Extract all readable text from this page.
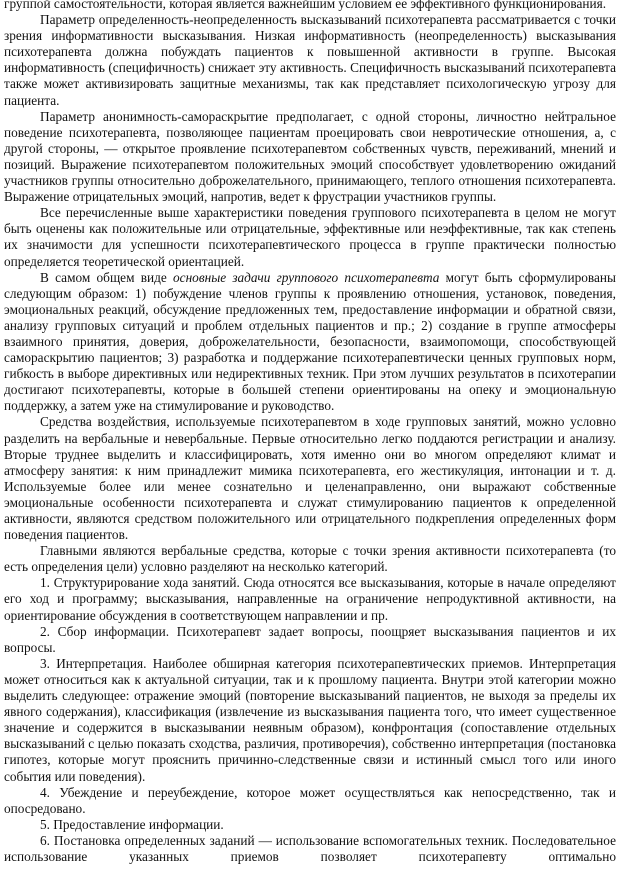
группой самостоятельности, которая является важнейшим условием ее эффективного функционирования.

Параметр определенность-неопределенность высказываний психотерапевта рассматривается с точки зрения информативности высказывания. Низкая информативность (неопределенность) высказывания психотерапевта должна побуждать пациентов к повышенной активности в группе. Высокая информативность (специфичность) снижает эту активность. Специфичность высказываний психотерапевта также может активизировать защитные механизмы, так как представляет психологическую угрозу для пациента.

Параметр анонимность-самораскрытие предполагает, с одной стороны, личностно нейтральное поведение психотерапевта, позволяющее пациентам проецировать свои невротические отношения, а, с другой стороны, — открытое проявление психотерапевтом собственных чувств, переживаний, мнений и позиций. Выражение психотерапевтом положительных эмоций способствует удовлетворению ожиданий участников группы относительно доброжелательного, принимающего, теплого отношения психотерапевта. Выражение отрицательных эмоций, напротив, ведет к фрустрации участников группы.

Все перечисленные выше характеристики поведения группового психотерапевта в целом не могут быть оценены как положительные или отрицательные, эффективные или неэффективные, так как степень их значимости для успешности психотерапевтического процесса в группе практически полностью определяется теоретической ориентацией.

В самом общем виде основные задачи группового психотерапевта могут быть сформулированы следующим образом: 1) побуждение членов группы к проявлению отношения, установок, поведения, эмоциональных реакций, обсуждение предложенных тем, предоставление информации и обратной связи, анализу групповых ситуаций и проблем отдельных пациентов и пр.; 2) создание в группе атмосферы взаимного принятия, доверия, доброжелательности, безопасности, взаимопомощи, способствующей самораскрытию пациентов; 3) разработка и поддержание психотерапевтически ценных групповых норм, гибкость в выборе директивных или недирективных техник. При этом лучших результатов в психотерапии достигают психотерапевты, которые в большей степени ориентированы на опеку и эмоциональную поддержку, а затем уже на стимулирование и руководство.

Средства воздействия, используемые психотерапевтом в ходе групповых занятий, можно условно разделить на вербальные и невербальные. Первые относительно легко поддаются регистрации и анализу. Вторые труднее выделить и классифицировать, хотя именно они во многом определяют климат и атмосферу занятия: к ним принадлежит мимика психотерапевта, его жестикуляция, интонации и т. д. Используемые более или менее сознательно и целенаправленно, они выражают собственные эмоциональные особенности психотерапевта и служат стимулированию пациентов к определенной активности, являются средством положительного или отрицательного подкрепления определенных форм поведения пациентов.

Главными являются вербальные средства, которые с точки зрения активности психотерапевта (то есть определения цели) условно разделяют на несколько категорий.

1. Структурирование хода занятий. Сюда относятся все высказывания, которые в начале определяют его ход и программу; высказывания, направленные на ограничение непродуктивной активности, на ориентирование обсуждения в соответствующем направлении и пр.

2. Сбор информации. Психотерапевт задает вопросы, поощряет высказывания пациентов и их вопросы.

3. Интерпретация. Наиболее обширная категория психотерапевтических приемов. Интерпретация может относиться как к актуальной ситуации, так и к прошлому пациента. Внутри этой категории можно выделить следующее: отражение эмоций (повторение высказываний пациентов, не выходя за пределы их явного содержания), классификация (извлечение из высказывания пациента того, что имеет существенное значение и содержится в высказывании неявным образом), конфронтация (сопоставление отдельных высказываний с целью показать сходства, различия, противоречия), собственно интерпретация (постановка гипотез, которые могут прояснить причинно-следственные связи и истинный смысл того или иного события или поведения).

4. Убеждение и переубеждение, которое может осуществляться как непосредственно, так и опосредовано.

5. Предоставление информации.

6. Постановка определенных заданий — использование вспомогательных техник. Последовательное использование указанных приемов позволяет психотерапевту оптимально
